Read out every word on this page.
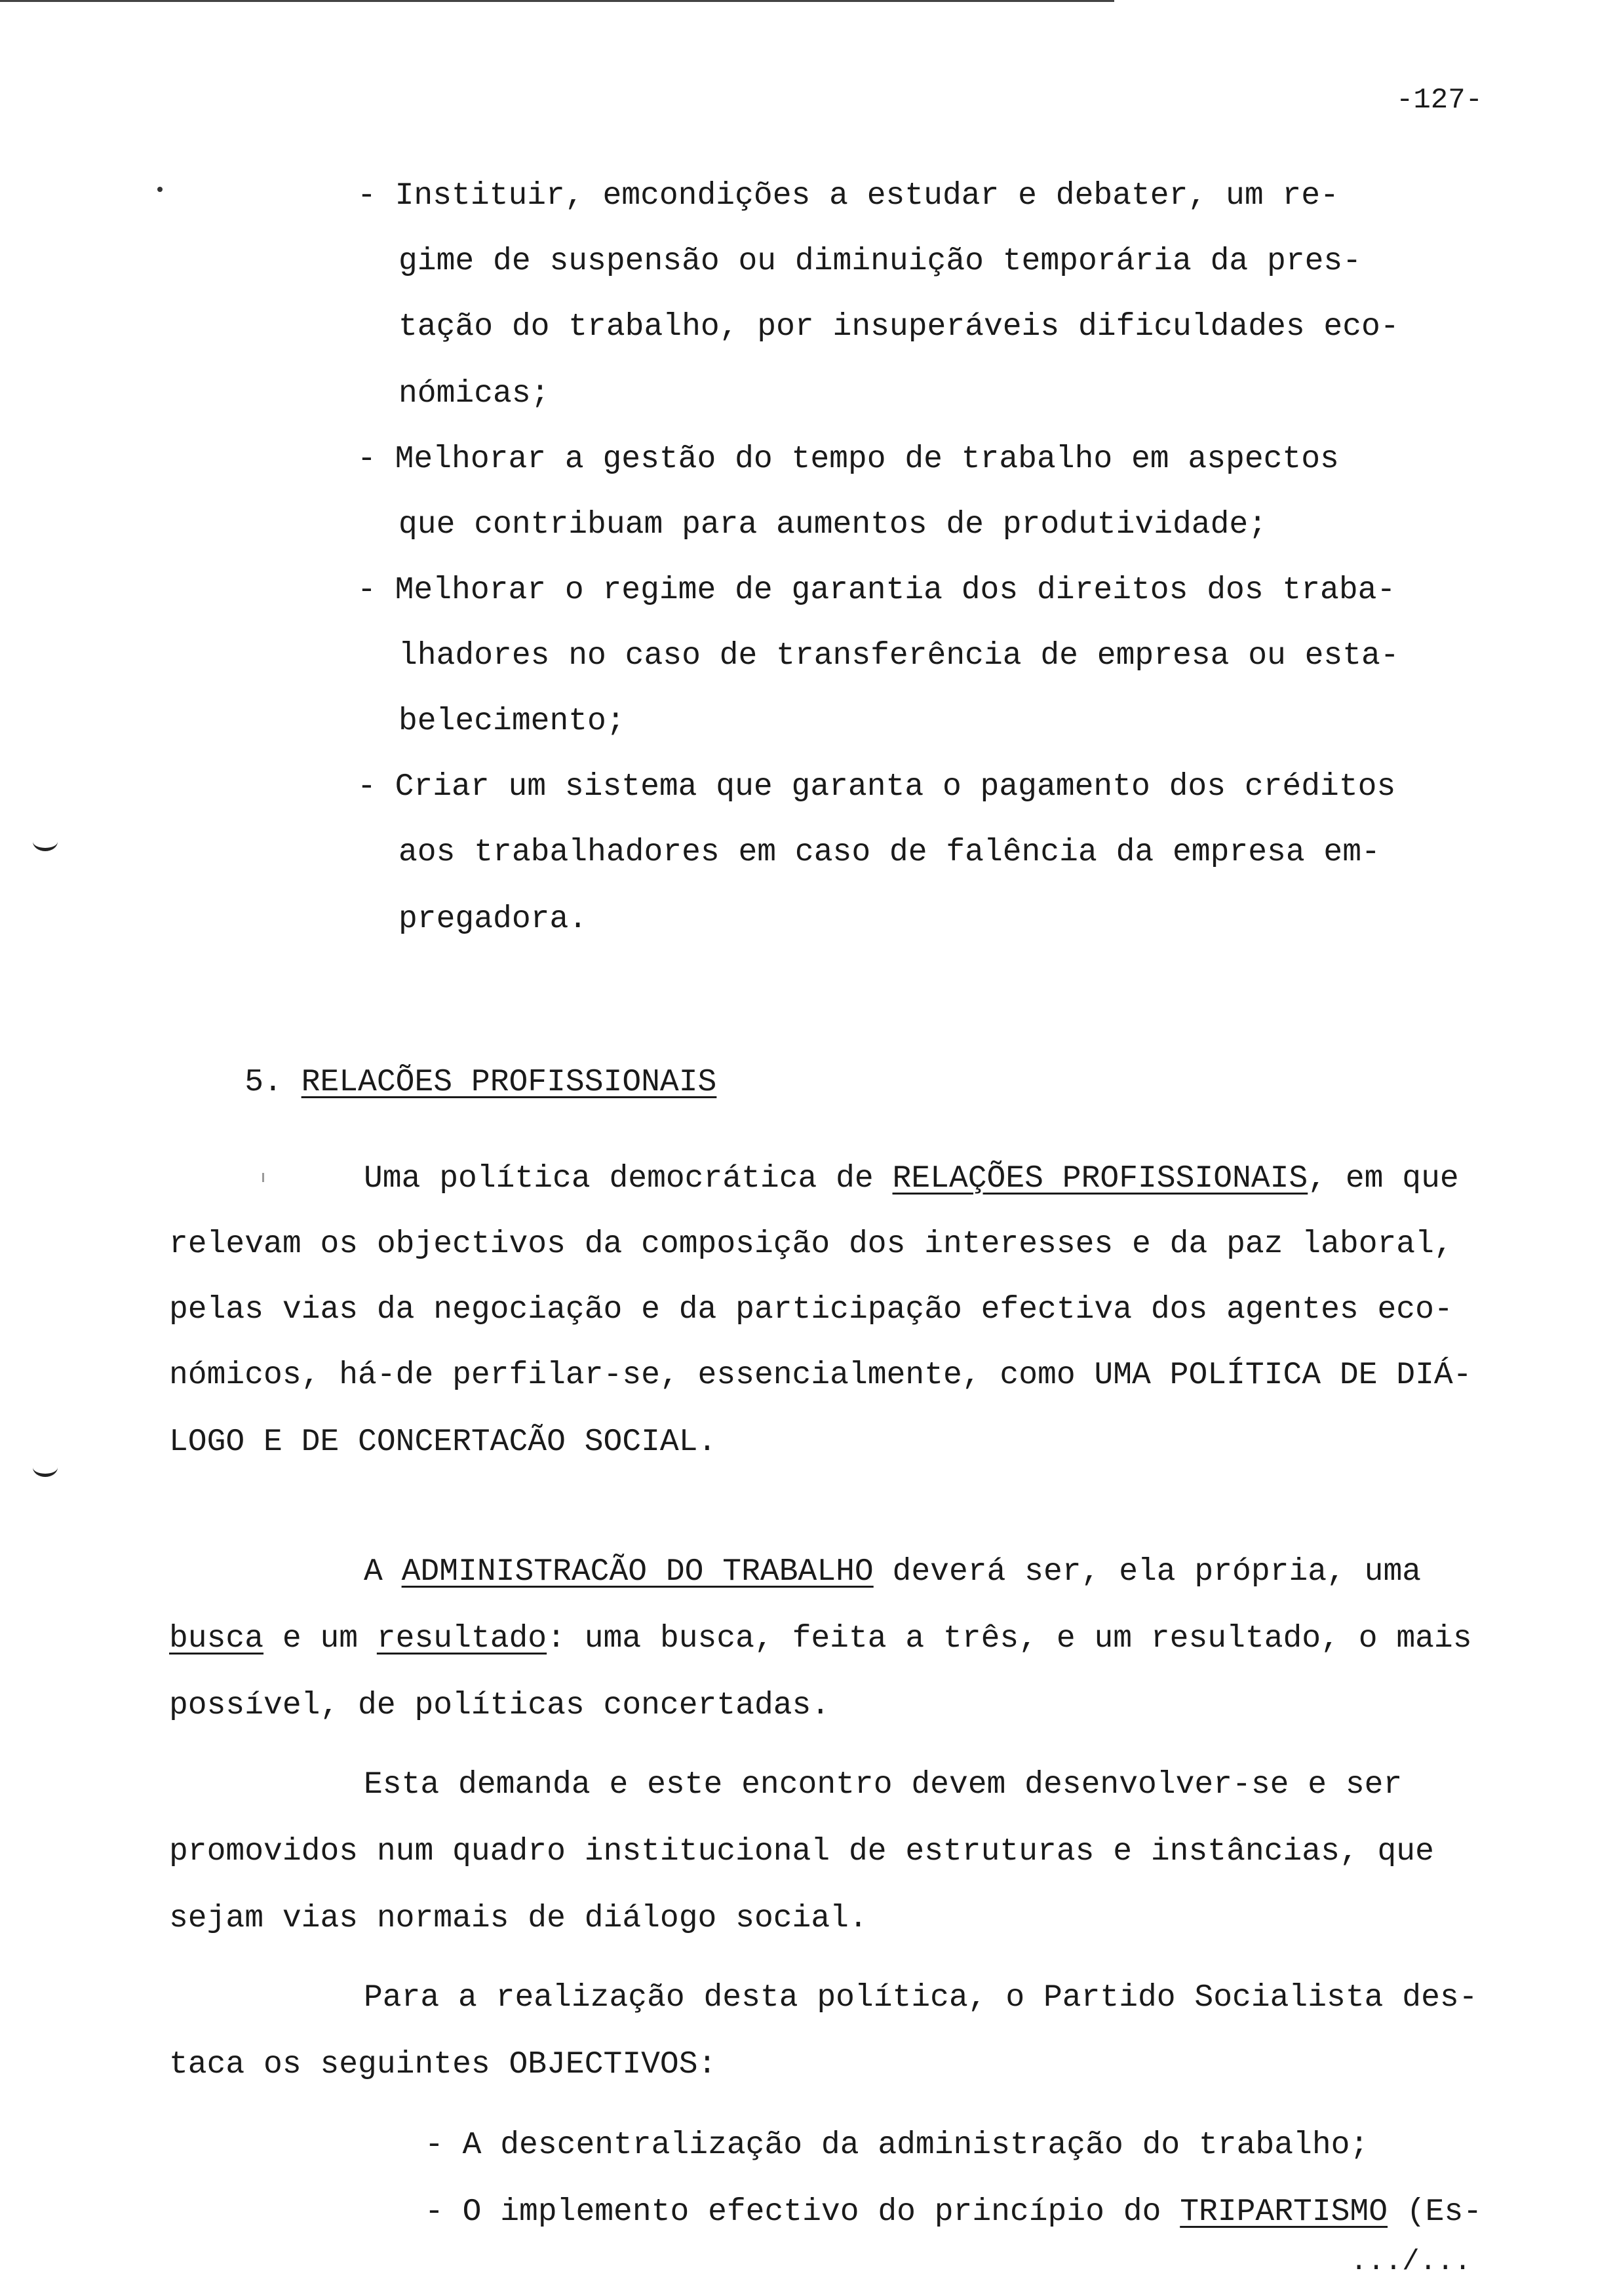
-127-
- Instituir, emcondições a estudar e debater, um re-
gime de suspensão ou diminuição temporária da pres-
tação do trabalho, por insuperáveis dificuldades eco-
nómicas;
- Melhorar a gestão do tempo de trabalho em aspectos
que contribuam para aumentos de produtividade;
- Melhorar o regime de garantia dos direitos dos traba-
lhadores no caso de transferência de empresa ou esta-
belecimento;
- Criar um sistema que garanta o pagamento dos créditos
aos trabalhadores em caso de falência da empresa em-
pregadora.

5. RELACÕES PROFISSIONAIS

Uma política democrática de RELAÇÕES PROFISSIONAIS, em que
relevam os objectivos da composição dos interesses e da paz laboral,
pelas vias da negociação e da participação efectiva dos agentes eco-
nómicos, há-de perfilar-se, essencialmente, como UMA POLÍTICA DE DIÁ-
LOGO E DE CONCERTACÃO SOCIAL.
A ADMINISTRACÃO DO TRABALHO deverá ser, ela própria, uma
busca e um resultado: uma busca, feita a três, e um resultado, o mais
possível, de políticas concertadas.
Esta demanda e este encontro devem desenvolver-se e ser
promovidos num quadro institucional de estruturas e instâncias, que
sejam vias normais de diálogo social.
Para a realização desta política, o Partido Socialista des-
taca os seguintes OBJECTIVOS:
- A descentralização da administração do trabalho;
- O implemento efectivo do princípio do TRIPARTISMO (Es-
.../...
